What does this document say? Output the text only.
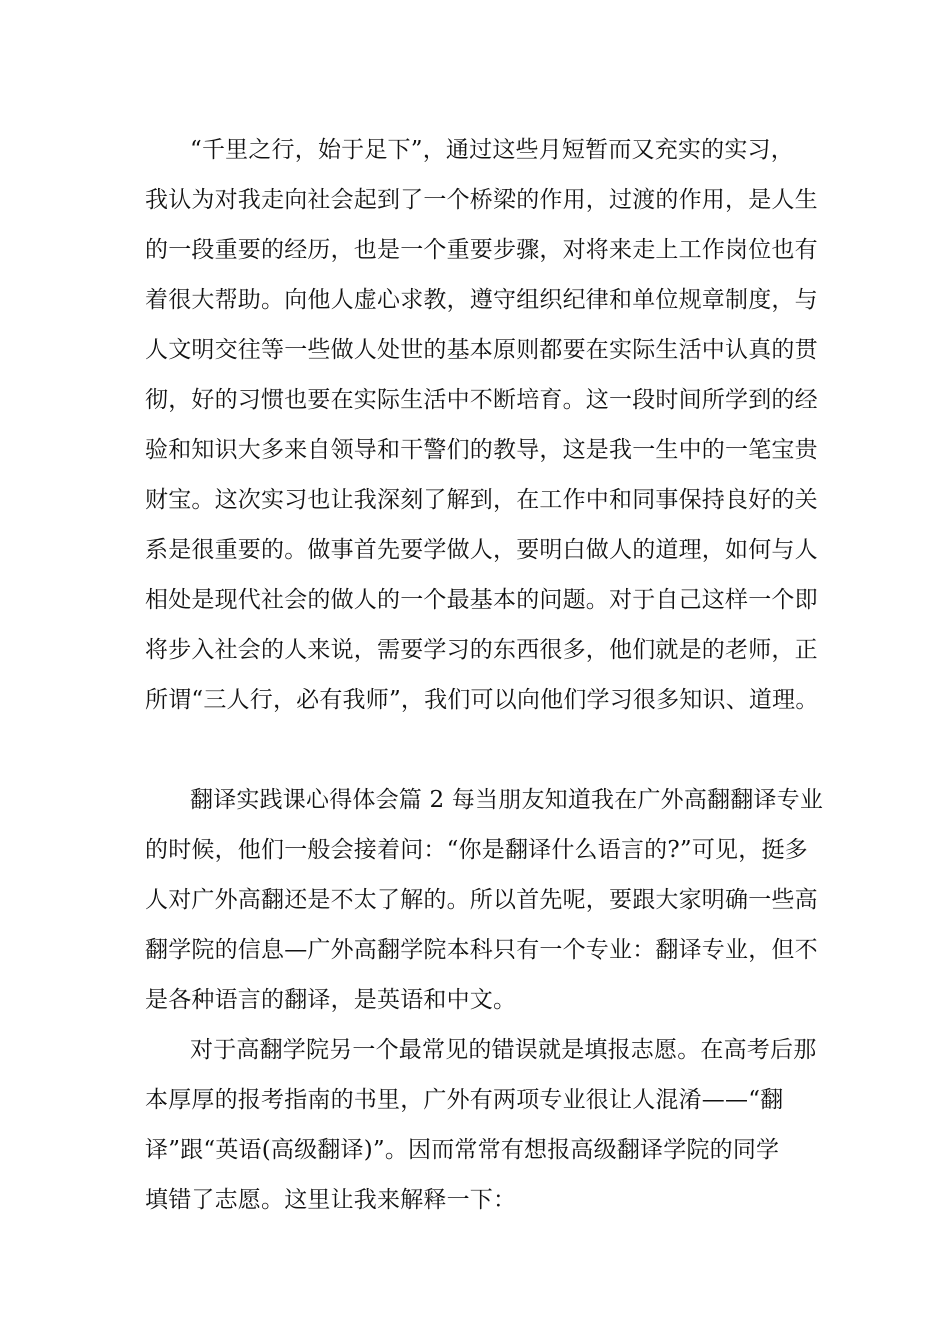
“千里之行，始于足下”，通过这些月短暂而又充实的实习，
我认为对我走向社会起到了一个桥梁的作用，过渡的作用，是人生
的一段重要的经历，也是一个重要步骤，对将来走上工作岗位也有
着很大帮助。向他人虚心求教，遵守组织纪律和单位规章制度，与
人文明交往等一些做人处世的基本原则都要在实际生活中认真的贯
彻，好的习惯也要在实际生活中不断培育。这一段时间所学到的经
验和知识大多来自领导和干警们的教导，这是我一生中的一笔宝贵
财宝。这次实习也让我深刻了解到，在工作中和同事保持良好的关
系是很重要的。做事首先要学做人，要明白做人的道理，如何与人
相处是现代社会的做人的一个最基本的问题。对于自己这样一个即
将步入社会的人来说，需要学习的东西很多，他们就是的老师，正
所谓“三人行，必有我师”，我们可以向他们学习很多知识、道理。
翻译实践课心得体会篇 2 每当朋友知道我在广外高翻翻译专业
的时候，他们一般会接着问：“你是翻译什么语言的?”可见，挺多
人对广外高翻还是不太了解的。所以首先呢，要跟大家明确一些高
翻学院的信息—广外高翻学院本科只有一个专业：翻译专业，但不
是各种语言的翻译，是英语和中文。
对于高翻学院另一个最常见的错误就是填报志愿。在高考后那
本厚厚的报考指南的书里，广外有两项专业很让人混淆——“翻
译”跟“英语(高级翻译)”。因而常常有想报高级翻译学院的同学
填错了志愿。这里让我来解释一下：
